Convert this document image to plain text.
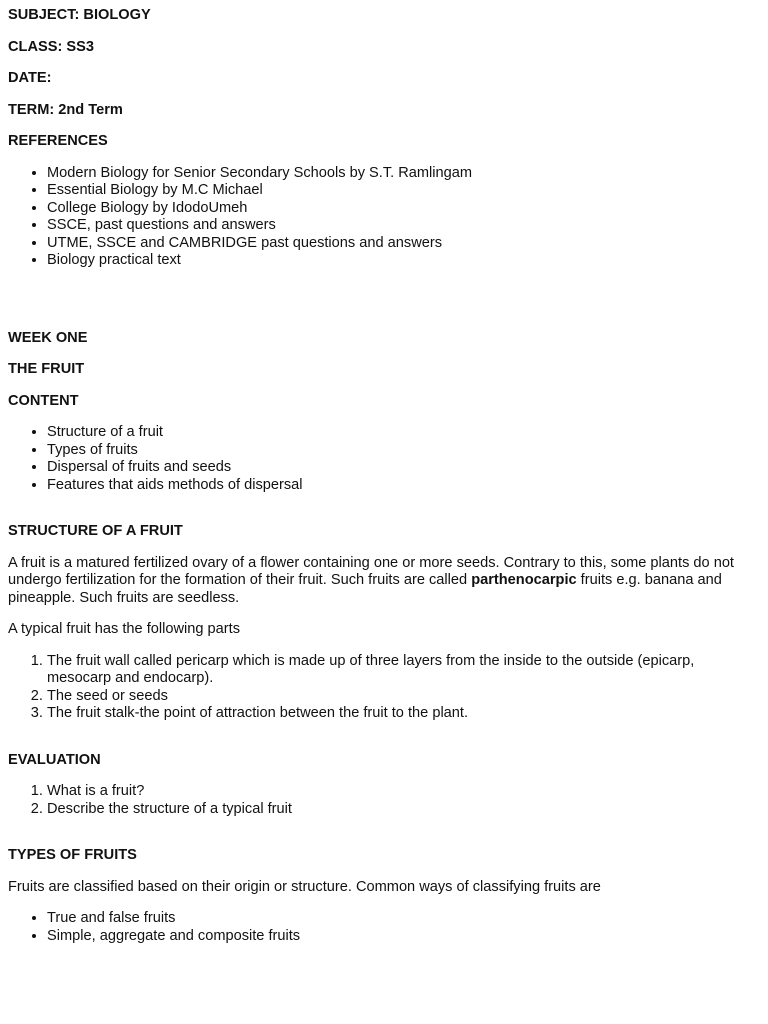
SUBJECT: BIOLOGY
CLASS: SS3
DATE:
TERM: 2nd Term
REFERENCES
• Modern Biology for Senior Secondary Schools by S.T. Ramlingam
• Essential Biology by M.C Michael
• College Biology by IdodoUmeh
• SSCE, past questions and answers
• UTME, SSCE and CAMBRIDGE past questions and answers
• Biology practical text
WEEK ONE
THE FRUIT
CONTENT
• Structure of a fruit
• Types of fruits
• Dispersal of fruits and seeds
• Features that aids methods of dispersal
STRUCTURE OF A FRUIT

A fruit is a matured fertilized ovary of a flower containing one or more seeds. Contrary to this, some plants do not undergo fertilization for the formation of their fruit. Such fruits are called parthenocarpic fruits e.g. banana and pineapple. Such fruits are seedless.

A typical fruit has the following parts

1. The fruit wall called pericarp which is made up of three layers from the inside to the outside (epicarp, mesocarp and endocarp).
2. The seed or seeds
3. The fruit stalk-the point of attraction between the fruit to the plant.
EVALUATION
1. What is a fruit?
2. Describe the structure of a typical fruit
TYPES OF FRUITS

Fruits are classified based on their origin or structure. Common ways of classifying fruits are

• True and false fruits
• Simple, aggregate and composite fruits
